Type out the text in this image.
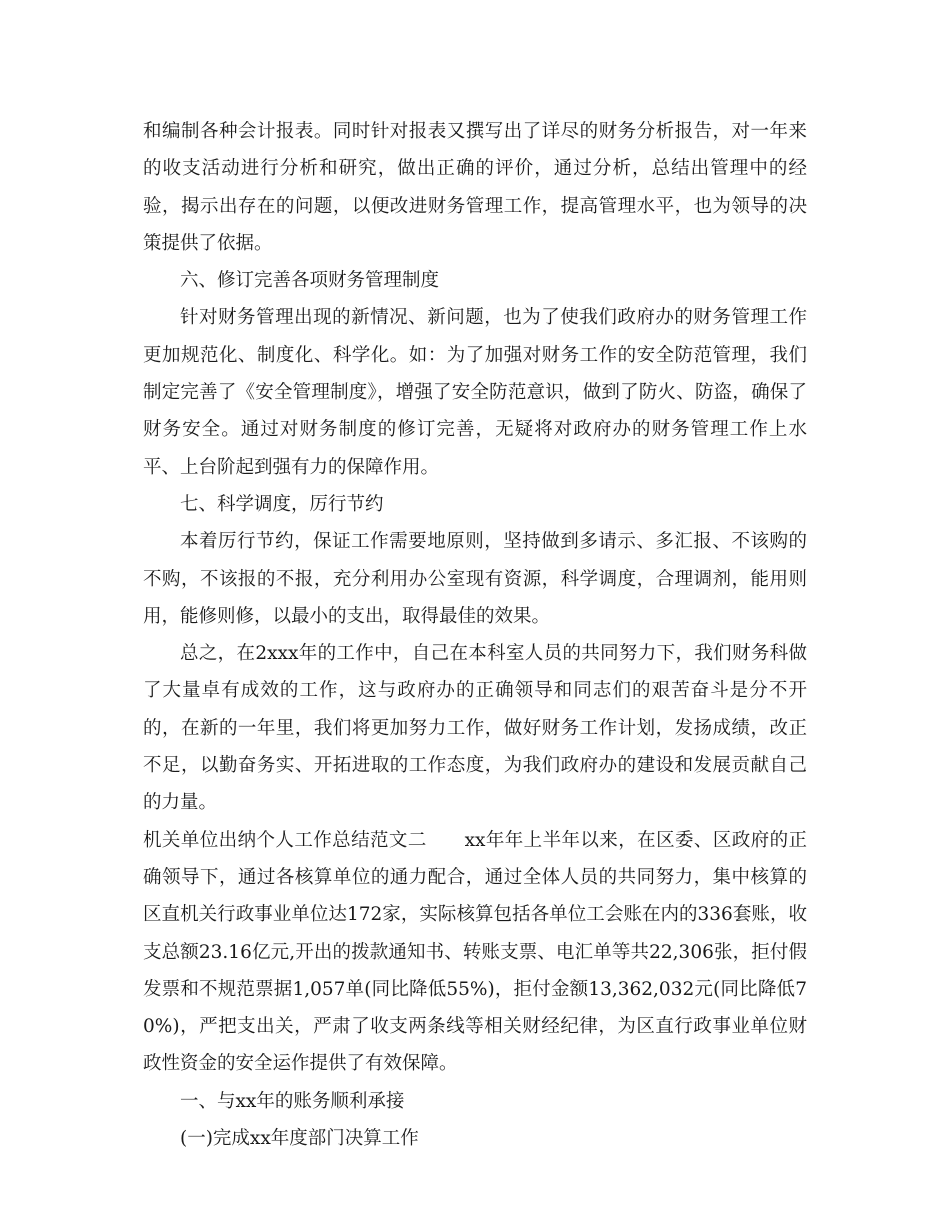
和编制各种会计报表。同时针对报表又撰写出了详尽的财务分析报告，对一年来的收支活动进行分析和研究，做出正确的评价，通过分析，总结出管理中的经验，揭示出存在的问题，以便改进财务管理工作，提高管理水平，也为领导的决策提供了依据。

六、修订完善各项财务管理制度

针对财务管理出现的新情况、新问题，也为了使我们政府办的财务管理工作更加规范化、制度化、科学化。如：为了加强对财务工作的安全防范管理，我们制定完善了《安全管理制度》，增强了安全防范意识，做到了防火、防盗，确保了财务安全。通过对财务制度的修订完善，无疑将对政府办的财务管理工作上水平、上台阶起到强有力的保障作用。

七、科学调度，厉行节约

本着厉行节约，保证工作需要地原则，坚持做到多请示、多汇报、不该购的不购，不该报的不报，充分利用办公室现有资源，科学调度，合理调剂，能用则用，能修则修，以最小的支出，取得最佳的效果。

总之，在2xxx年的工作中，自己在本科室人员的共同努力下，我们财务科做了大量卓有成效的工作，这与政府办的正确领导和同志们的艰苦奋斗是分不开的，在新的一年里，我们将更加努力工作，做好财务工作计划，发扬成绩，改正不足，以勤奋务实、开拓进取的工作态度，为我们政府办的建设和发展贡献自己的力量。

机关单位出纳个人工作总结范文二　　xx年年上半年以来，在区委、区政府的正确领导下，通过各核算单位的通力配合，通过全体人员的共同努力，集中核算的区直机关行政事业单位达172家，实际核算包括各单位工会账在内的336套账，收支总额23.16亿元,开出的拨款通知书、转账支票、电汇单等共22,306张，拒付假发票和不规范票据1,057单(同比降低55%)，拒付金额13,362,032元(同比降低70%)，严把支出关，严肃了收支两条线等相关财经纪律，为区直行政事业单位财政性资金的安全运作提供了有效保障。

一、与xx年的账务顺利承接

(一)完成xx年度部门决算工作
